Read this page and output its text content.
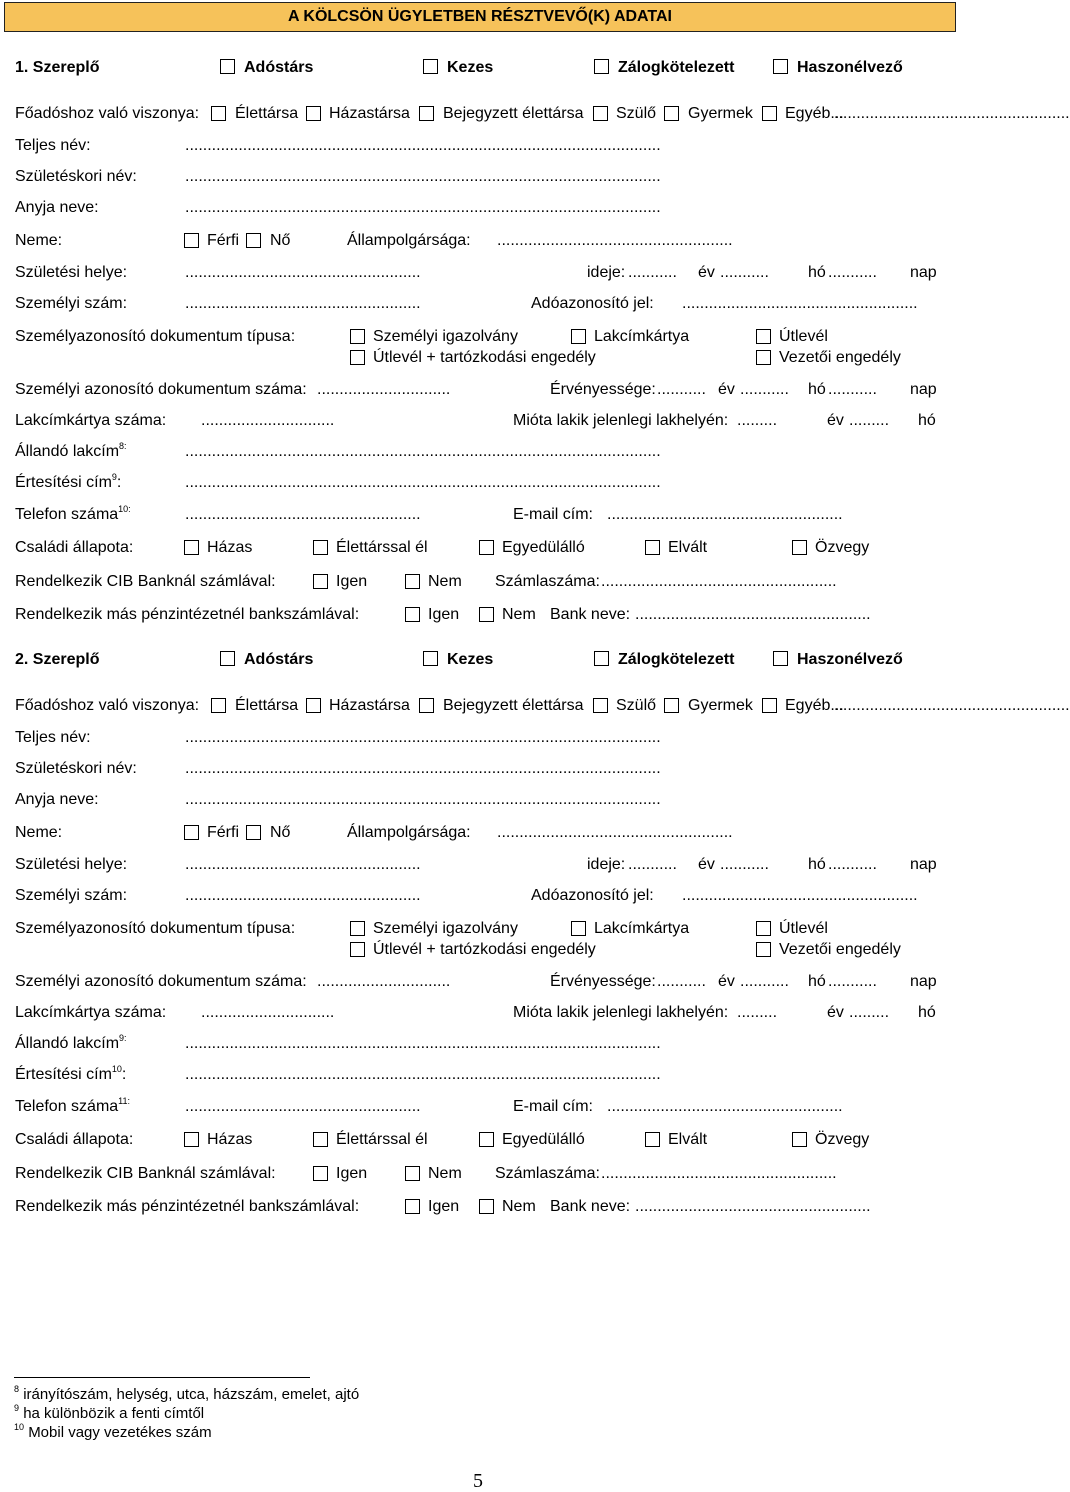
A KÖLCSÖN ÜGYLETBEN RÉSZTVEVŐ(K) ADATAI
1. Szereplő	Adóstárs	Kezes	Zálogkötelezett	Haszonélvező
Főadóshoz való viszonya: Élettársa Házastársa Bejegyzett élettársa Szülő Gyermek Egyéb...
.....................................................
Teljes név:	...........................................................................................................
Születéskori név:	...........................................................................................................
Anyja neve:	...........................................................................................................
Neme:	Férfi Nő	Állampolgársága: .....................................................
Születési helye:	.....................................................	ideje: ...........	év ...........	hó ...........	nap
Személyi szám:	.....................................................	Adóazonosító jel: .....................................................
Személyazonosító dokumentum típusa:	Személyi igazolvány	Lakcímkártya	Útlevél
Útlevél + tartózkodási engedély	Vezetői engedély
Személyi azonosító dokumentum száma: ..............................	Érvényessége: ........... év ...........	hó ...........	nap
Lakcímkártya száma: ..............................	Mióta lakik jelenlegi lakhelyén: .........	év .........	hó
Állandó lakcím$^{8:}$	...........................................................................................................
Értesítési cím$^9$:	...........................................................................................................
Telefon száma$^{10:}$	.....................................................	E-mail cím: .....................................................
Családi állapota:	Házas	Élettárssal él	Egyedülálló	Elvált	Özvegy
Rendelkezik CIB Banknál számlával:	Igen	Nem Számlaszáma: .....................................................
Rendelkezik más pénzintézetnél bankszámlával:	Igen	Nem Bank neve: .....................................................
2. Szereplő	Adóstárs	Kezes	Zálogkötelezett	Haszonélvező
Főadóshoz való viszonya: Élettársa Házastársa Bejegyzett élettársa Szülő Gyermek Egyéb...
.....................................................
Teljes név:	...........................................................................................................
Születéskori név:	...........................................................................................................
Anyja neve:	...........................................................................................................
Neme:	Férfi Nő	Állampolgársága: .....................................................
Születési helye:	.....................................................	ideje: ...........	év ...........	hó ...........	nap
Személyi szám:	.....................................................	Adóazonosító jel: .....................................................
Személyazonosító dokumentum típusa:	Személyi igazolvány	Lakcímkártya	Útlevél
Útlevél + tartózkodási engedély	Vezetői engedély
Személyi azonosító dokumentum száma: ..............................	Érvényessége: ........... év ...........	hó ...........	nap
Lakcímkártya száma: ..............................	Mióta lakik jelenlegi lakhelyén: .........	év .........	hó
Állandó lakcím$^{9:}$	...........................................................................................................
Értesítési cím$^{10}$:	...........................................................................................................
Telefon száma$^{11:}$	.....................................................	E-mail cím: .....................................................
Családi állapota:	Házas	Élettárssal él	Egyedülálló	Elvált	Özvegy
Rendelkezik CIB Banknál számlával:	Igen	Nem Számlaszáma: .....................................................
Rendelkezik más pénzintézetnél bankszámlával:	Igen	Nem Bank neve: .....................................................
$^8$ irányítószám, helység, utca, házszám, emelet, ajtó
$^9$ ha különbözik a fenti címtől
$^{10}$ Mobil vagy vezetékes szám
5
